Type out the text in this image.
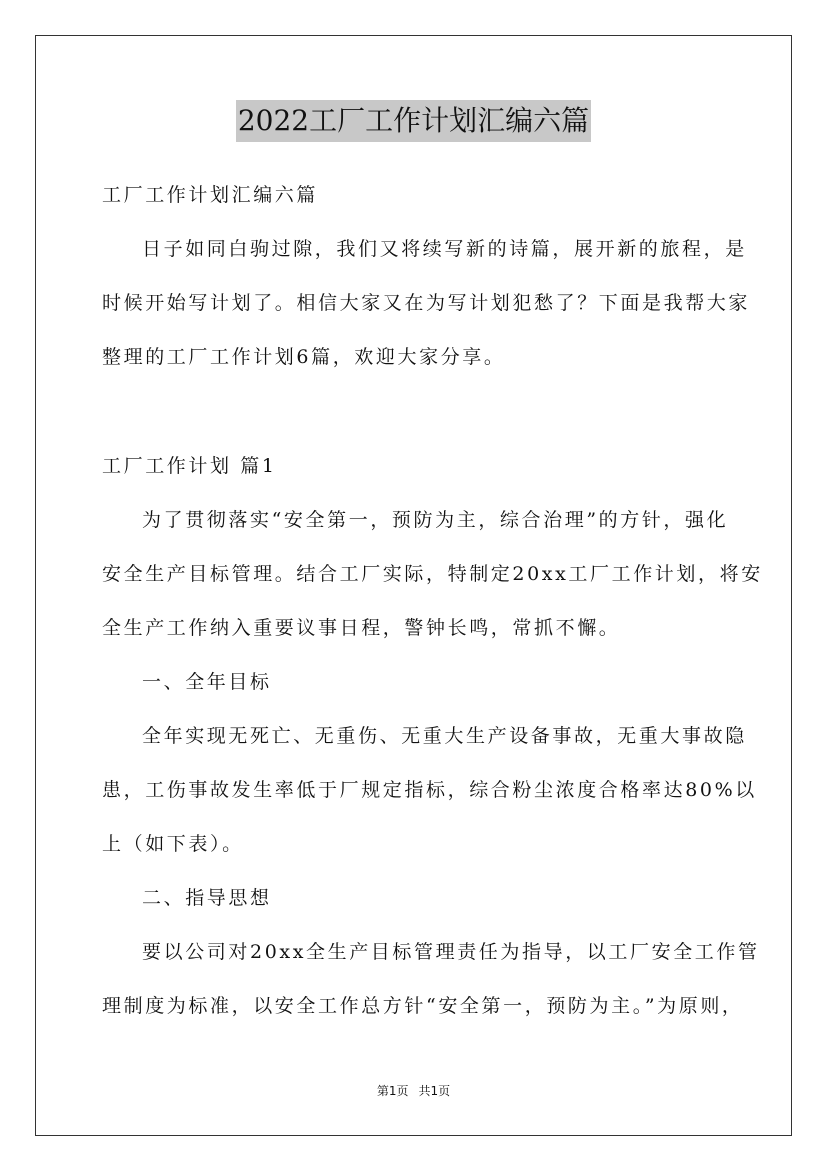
2022工厂工作计划汇编六篇
工厂工作计划汇编六篇
日子如同白驹过隙，我们又将续写新的诗篇，展开新的旅程，是
时候开始写计划了。相信大家又在为写计划犯愁了？下面是我帮大家
整理的工厂工作计划6篇，欢迎大家分享。
工厂工作计划 篇1
为了贯彻落实“安全第一，预防为主，综合治理”的方针，强化
安全生产目标管理。结合工厂实际，特制定20xx工厂工作计划，将安
全生产工作纳入重要议事日程，警钟长鸣，常抓不懈。
一、全年目标
全年实现无死亡、无重伤、无重大生产设备事故，无重大事故隐
患，工伤事故发生率低于厂规定指标，综合粉尘浓度合格率达80%以
上（如下表）。
二、指导思想
要以公司对20xx全生产目标管理责任为指导，以工厂安全工作管
理制度为标准，以安全工作总方针“安全第一，预防为主。”为原则，
第1页 共1页
